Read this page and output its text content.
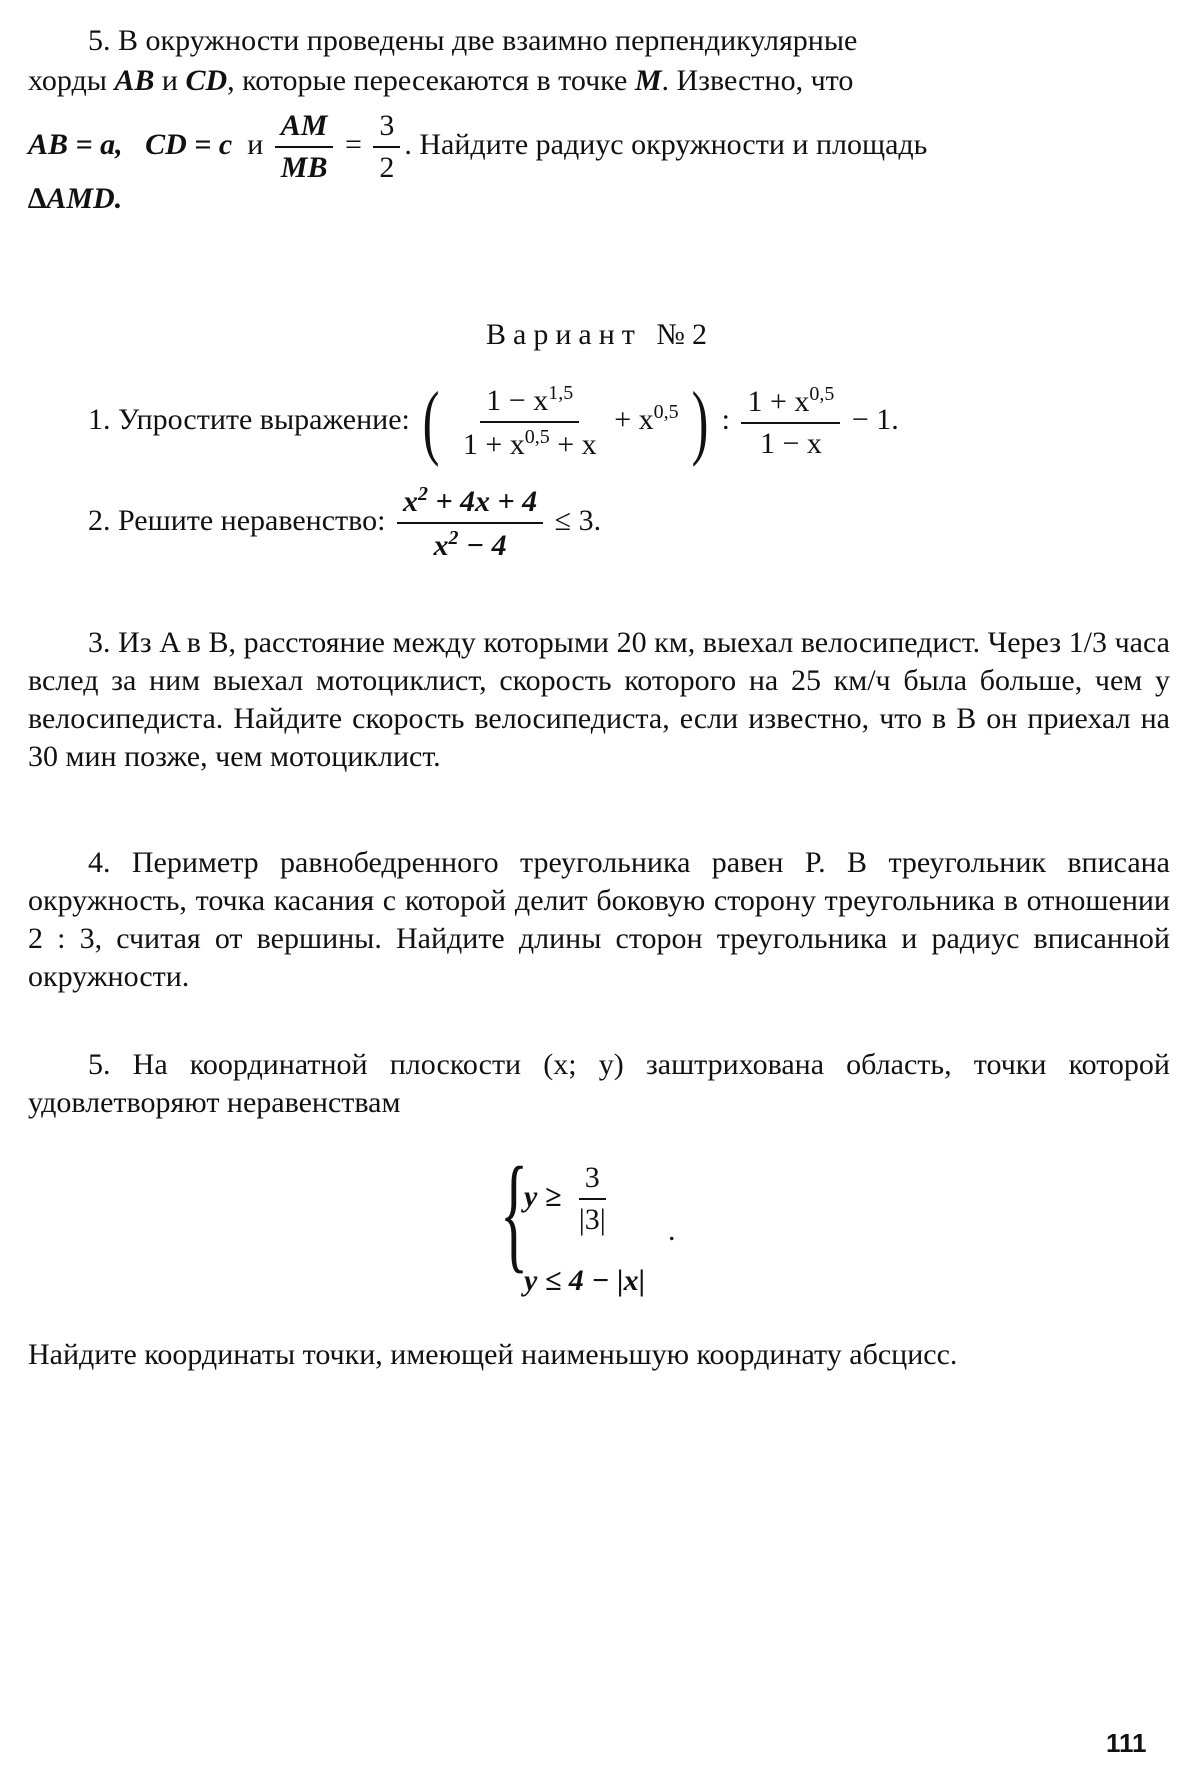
5. В окружности проведены две взаимно перпендикулярные
хорды AB и CD, которые пересекаются в точке M. Известно, что
AB = a, CD = c и $\frac{AM}{MB} = \frac{3}{2}$ . Найдите радиус окружности и площадь
∆AMD.
Вариант №2
1. Упростите выражение: ( $\frac{1 - x^{1,5}}{1 + x^{0,5} + x} + x^{0,5}$ ) : $\frac{1 + x^{0,5}}{1 - x} - 1$.
2. Решите неравенство: $\frac{x^2 + 4x + 4}{x^2 - 4} \le 3$.
3. Из A в B, расстояние между которыми 20 км, выехал велосипедист. Через 1/3 часа вслед за ним выехал мотоциклист, скорость которого на 25 км/ч была больше, чем у велосипедиста. Найдите скорость велосипедиста, если известно, что в B он приехал на 30 мин позже, чем мотоциклист.
4. Периметр равнобедренного треугольника равен P. В треугольник вписана окружность, точка касания с которой делит боковую сторону треугольника в отношении 2 : 3, считая от вершины. Найдите длины сторон треугольника и радиус вписанной окружности.
5. На координатной плоскости (x; y) заштрихована область, точки которой удовлетворяют неравенствам
{
$y \ge \frac{3}{|3|}$ .
y ≤ 4 − |x|
Найдите координаты точки, имеющей наименьшую координату абсцисс.
111
